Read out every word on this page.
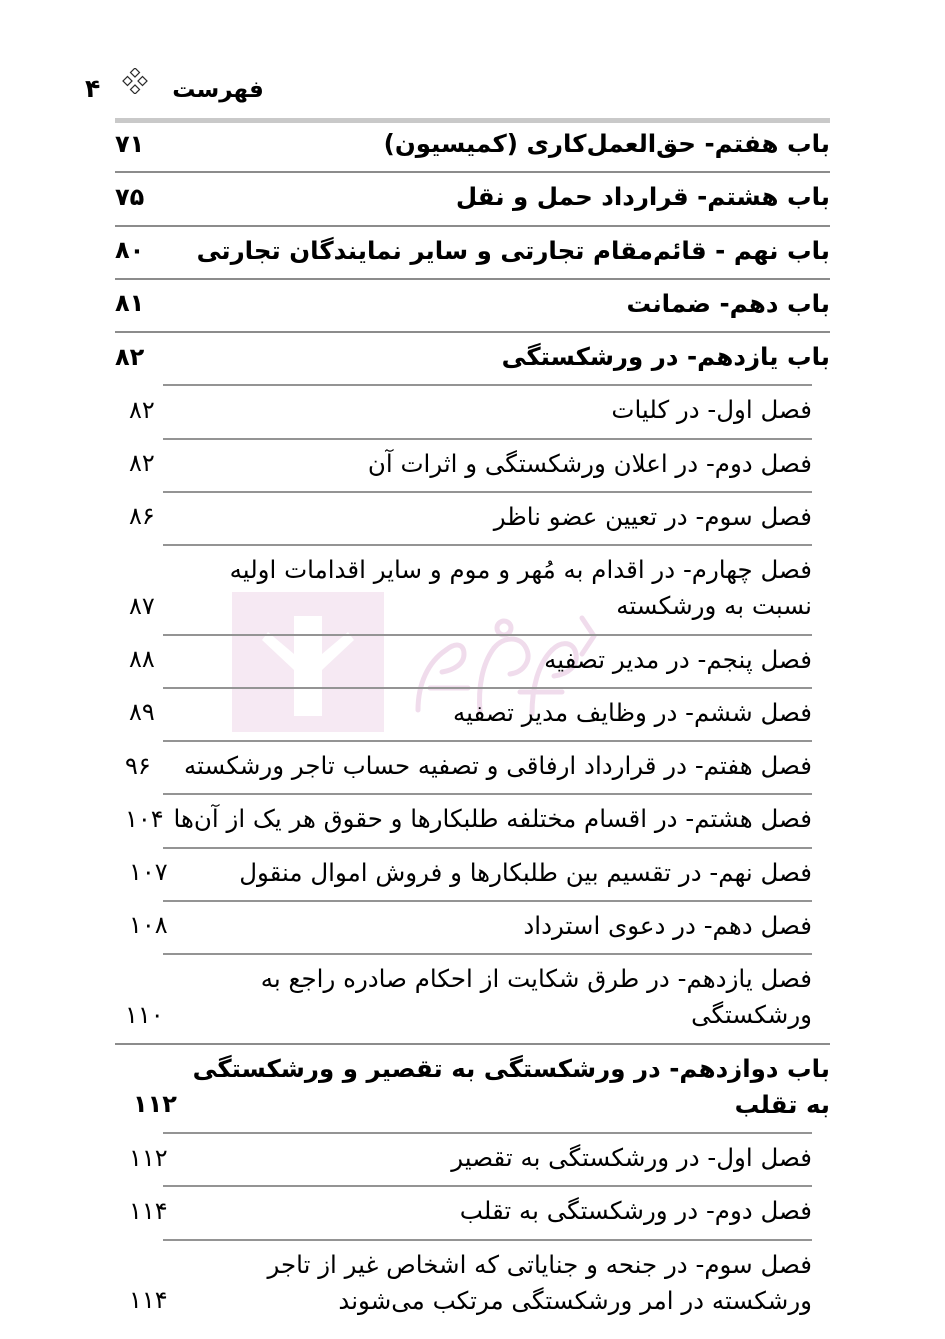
فهرست
۴
باب هفتم- حق‌العمل‌کاری (کمیسیون)
۷۱
باب هشتم- قرارداد حمل و نقل
۷۵
باب نهم - قائم‌مقام تجارتی و سایر نمایندگان تجارتی
۸۰
باب دهم- ضمانت
۸۱
باب یازدهم- در ورشکستگی
۸۲
فصل اول- در کلیات
۸۲
فصل دوم- در اعلان ورشکستگی و اثرات آن
۸۲
فصل سوم- در تعیین عضو ناظر
۸۶
فصل چهارم- در اقدام به مُهر و موم و سایر اقدامات اولیه نسبت به ورشکسته
۸۷
فصل پنجم- در مدیر تصفیه
۸۸
فصل ششم- در وظایف مدیر تصفیه
۸۹
فصل هفتم- در قرارداد ارفاقی و تصفیه حساب تاجر ورشکسته
۹۶
فصل هشتم- در اقسام مختلفه طلبکارها و حقوق هر یک از آن‌ها
۱۰۴
فصل نهم- در تقسیم بین طلبکارها و فروش اموال منقول
۱۰۷
فصل دهم- در دعوی استرداد
۱۰۸
فصل یازدهم- در طرق شکایت از احکام صادره راجع به ورشکستگی
۱۱۰
باب دوازدهم- در ورشکستگی به تقصیر و ورشکستگی به تقلب
۱۱۲
فصل اول- در ورشکستگی به تقصیر
۱۱۲
فصل دوم- در ورشکستگی به تقلب
۱۱۴
فصل سوم- در جنحه و جنایاتی که اشخاص غیر از تاجر ورشکسته در امر ورشکستگی مرتکب می‌شوند
۱۱۴
